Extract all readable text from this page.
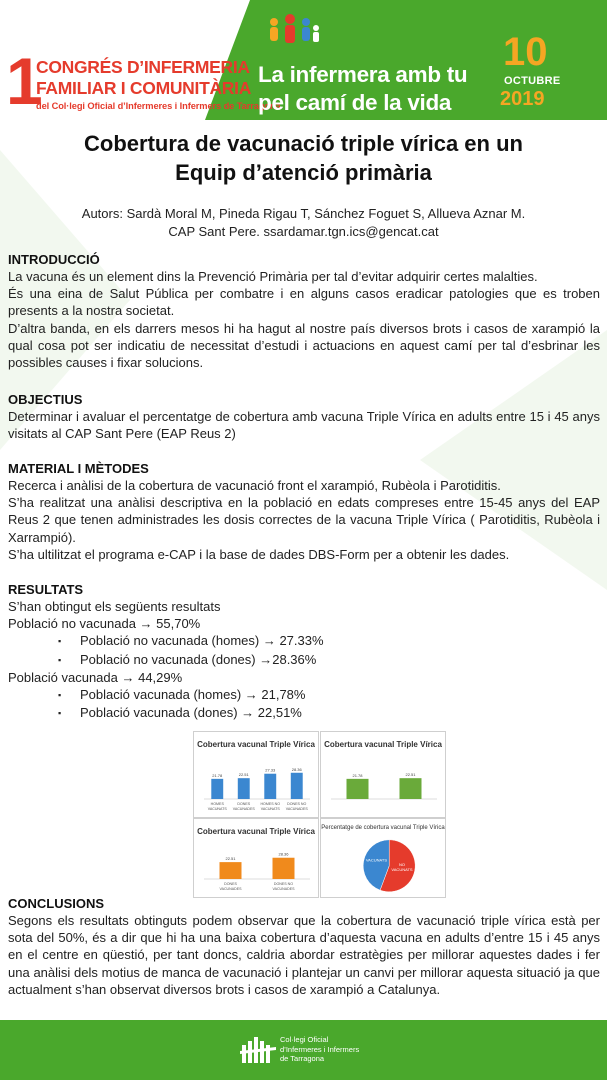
1
CONGRÉS D’INFERMERIA
FAMILIAR I COMUNITÀRIA
del Col·legi Oficial d’Infermeres i Infermers de Tarragona
La infermera amb tu
pel camí de la vida
10
OCTUBRE
2019
Cobertura de vacunació triple vírica en un
Equip d’atenció primària
Autors: Sardà Moral M, Pineda Rigau T, Sánchez Foguet S, Allueva Aznar M.
CAP Sant Pere. ssardamar.tgn.ics@gencat.cat

INTRODUCCIÓ

La vacuna és un element dins la Prevenció Primària per tal d’evitar adquirir certes malalties.

És una eina de Salut Pública per combatre i en alguns casos eradicar patologies que es troben presents a la nostra societat.

D’altra banda, en els darrers mesos hi ha hagut al nostre país diversos brots i casos de xarampió la qual cosa pot ser indicatiu de necessitat d’estudi i actuacions en aquest camí per tal d’esbrinar les possibles causes i fixar solucions.

OBJECTIUS

Determinar i avaluar el percentatge de cobertura amb vacuna Triple Vírica en adults entre 15 i 45 anys visitats al CAP Sant Pere (EAP Reus 2)

MATERIAL I MÈTODES

Recerca i anàlisi de la cobertura de vacunació front el xarampió, Rubèola i Parotiditis.

S’ha realitzat una anàlisi descriptiva en la població en edats compreses entre 15-45 anys del EAP Reus 2 que tenen administrades les dosis correctes de la vacuna Triple Vírica ( Parotiditis, Rubèola i Xarrampió).

S’ha ultilitzat el programa e-CAP i la base de dades DBS-Form per a obtenir les dades.

RESULTATS

S’han obtingut els següents resultats

Població no vacunada → 55,70%

▪ Població no vacunada (homes) → 27.33%

▪ Població no vacunada (dones) →28.36%

Població vacunada → 44,29%

▪ Població vacunada (homes) → 21,78%

▪ Població vacunada (dones) → 22,51%

Cobertura vacunal Triple Vírica
21.78
HOMES
VACUNATS
22.51
DONES
VACUNADES
27.33
HOMES NO
VACUNATS
28.36
DONES NO
VACUNADES
Cobertura vacunal Triple Vírica
21.78	22.51
Cobertura vacunal Triple Vírica
22.51
DONES
VACUNADES
28.36
DONES NO
VACUNADES
Percentatge de cobertura vacunal Triple Vírica
NO
VACUNATS
VACUNATS

CONCLUSIONS

Segons els resultats obtinguts podem observar que la cobertura de vacunació triple vírica està per sota del 50%, és a dir que hi ha una baixa cobertura d’aquesta vacuna en adults d’entre 15 i 45 anys en el centre en qüestió, per tant doncs, caldria abordar estratègies per millorar aquestes dades i fer una anàlisi dels motius de manca de vacunació i plantejar un canvi per millorar aquesta situació ja que actualment s’han observat diversos brots i casos de xarampió a Catalunya.

Col·legi Oficial
d’Infermeres i Infermers
de Tarragona
